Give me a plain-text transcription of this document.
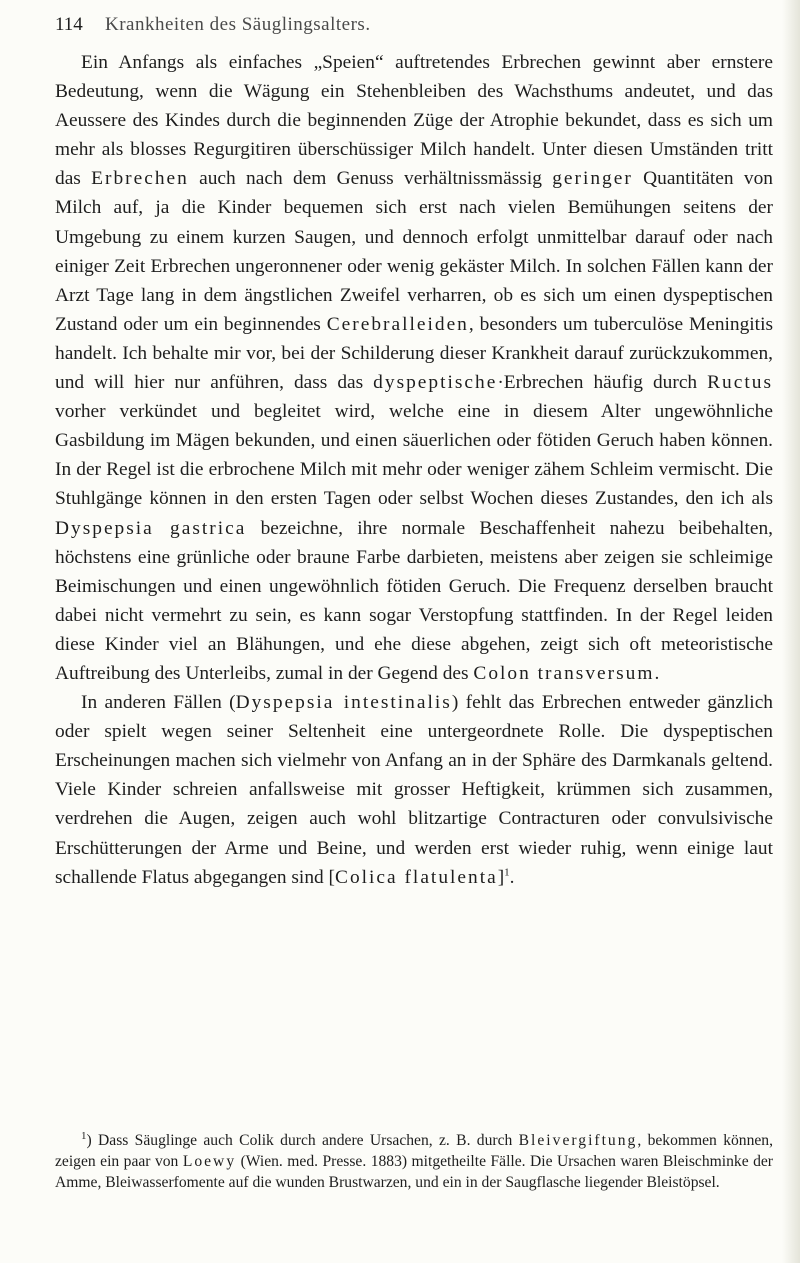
114 Krankheiten des Säuglingsalters.

Ein Anfangs als einfaches „Speien“ auftretendes Erbrechen gewinnt aber ernstere Bedeutung, wenn die Wägung ein Stehenbleiben des Wachsthums andeutet, und das Aeussere des Kindes durch die beginnenden Züge der Atrophie bekundet, dass es sich um mehr als blosses Regurgitiren überschüssiger Milch handelt. Unter diesen Umständen tritt das Erbrechen auch nach dem Genuss verhältnissmässig geringer Quantitäten von Milch auf, ja die Kinder bequemen sich erst nach vielen Bemühungen seitens der Umgebung zu einem kurzen Saugen, und dennoch erfolgt unmittelbar darauf oder nach einiger Zeit Erbrechen ungeronnener oder wenig gekäster Milch. In solchen Fällen kann der Arzt Tage lang in dem ängstlichen Zweifel verharren, ob es sich um einen dyspeptischen Zustand oder um ein beginnendes Cerebralleiden, besonders um tuberculöse Meningitis handelt. Ich behalte mir vor, bei der Schilderung dieser Krankheit darauf zurückzukommen, und will hier nur anführen, dass das dyspeptische·Erbrechen häufig durch Ructus vorher verkündet und begleitet wird, welche eine in diesem Alter ungewöhnliche Gasbildung im Mägen bekunden, und einen säuerlichen oder fötiden Geruch haben können. In der Regel ist die erbrochene Milch mit mehr oder weniger zähem Schleim vermischt. Die Stuhlgänge können in den ersten Tagen oder selbst Wochen dieses Zustandes, den ich als Dyspepsia gastrica bezeichne, ihre normale Beschaffenheit nahezu beibehalten, höchstens eine grünliche oder braune Farbe darbieten, meistens aber zeigen sie schleimige Beimischungen und einen ungewöhnlich fötiden Geruch. Die Frequenz derselben braucht dabei nicht vermehrt zu sein, es kann sogar Verstopfung stattfinden. In der Regel leiden diese Kinder viel an Blähungen, und ehe diese abgehen, zeigt sich oft meteoristische Auftreibung des Unterleibs, zumal in der Gegend des Colon transversum.

In anderen Fällen (Dyspepsia intestinalis) fehlt das Erbrechen entweder gänzlich oder spielt wegen seiner Seltenheit eine untergeordnete Rolle. Die dyspeptischen Erscheinungen machen sich vielmehr von Anfang an in der Sphäre des Darmkanals geltend. Viele Kinder schreien anfallsweise mit grosser Heftigkeit, krümmen sich zusammen, verdrehen die Augen, zeigen auch wohl blitzartige Contracturen oder convulsivische Erschütterungen der Arme und Beine, und werden erst wieder ruhig, wenn einige laut schallende Flatus abgegangen sind [Colica flatulenta]$^1$.

$^1$) Dass Säuglinge auch Colik durch andere Ursachen, z. B. durch Bleivergiftung, bekommen können, zeigen ein paar von Loewy (Wien. med. Presse. 1883) mitgetheilte Fälle. Die Ursachen waren Bleischminke der Amme, Bleiwasserfomente auf die wunden Brustwarzen, und ein in der Saugflasche liegender Bleistöpsel.
